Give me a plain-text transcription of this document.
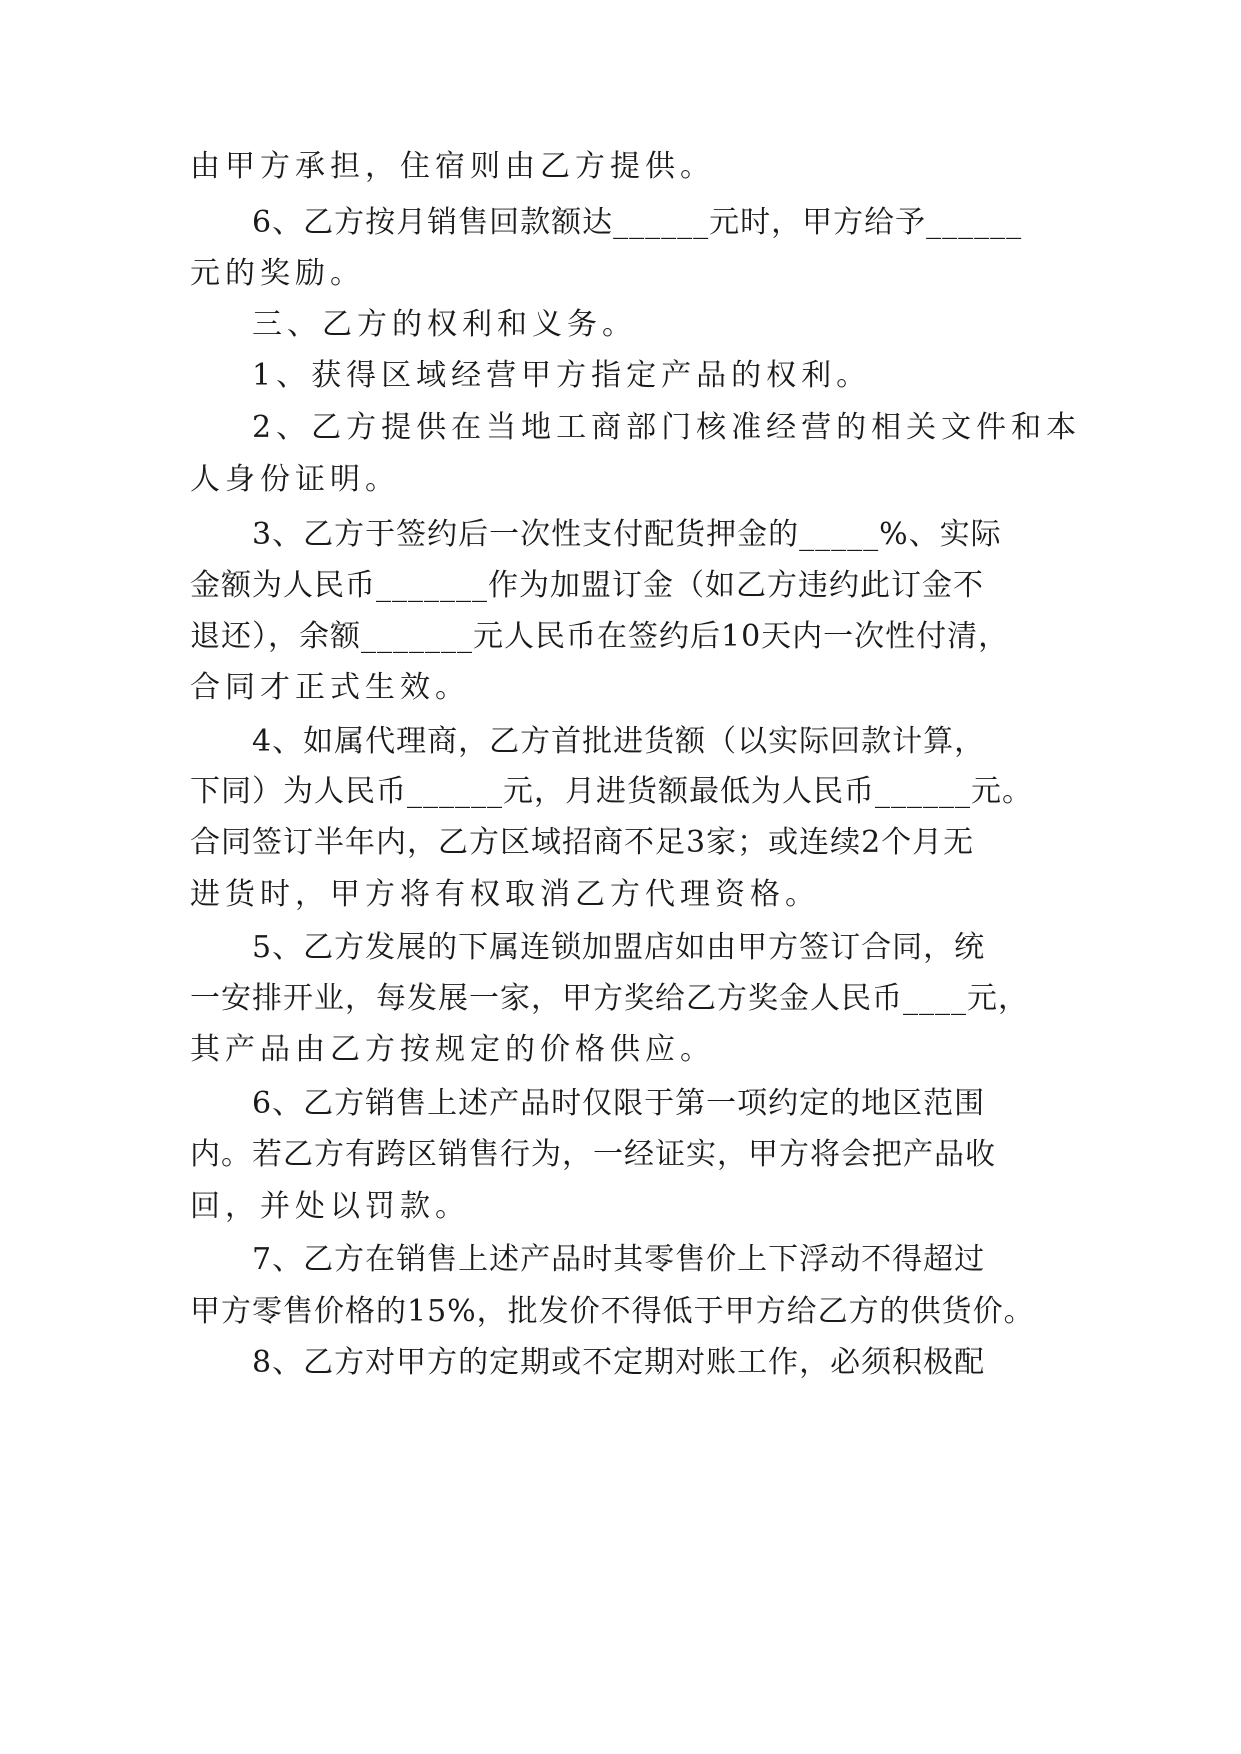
由甲方承担，住宿则由乙方提供。
6、乙方按月销售回款额达______元时，甲方给予______
元的奖励。
三、乙方的权利和义务。
1、获得区域经营甲方指定产品的权利。
2、乙方提供在当地工商部门核准经营的相关文件和本
人身份证明。
3、乙方于签约后一次性支付配货押金的_____%、实际
金额为人民币_______作为加盟订金（如乙方违约此订金不
退还），余额_______元人民币在签约后10天内一次性付清，
合同才正式生效。
4、如属代理商，乙方首批进货额（以实际回款计算，
下同）为人民币______元，月进货额最低为人民币______元。
合同签订半年内，乙方区域招商不足3家；或连续2个月无
进货时，甲方将有权取消乙方代理资格。
5、乙方发展的下属连锁加盟店如由甲方签订合同，统
一安排开业，每发展一家，甲方奖给乙方奖金人民币____元，
其产品由乙方按规定的价格供应。
6、乙方销售上述产品时仅限于第一项约定的地区范围
内。若乙方有跨区销售行为，一经证实，甲方将会把产品收
回，并处以罚款。
7、乙方在销售上述产品时其零售价上下浮动不得超过
甲方零售价格的15%，批发价不得低于甲方给乙方的供货价。
8、乙方对甲方的定期或不定期对账工作，必须积极配
